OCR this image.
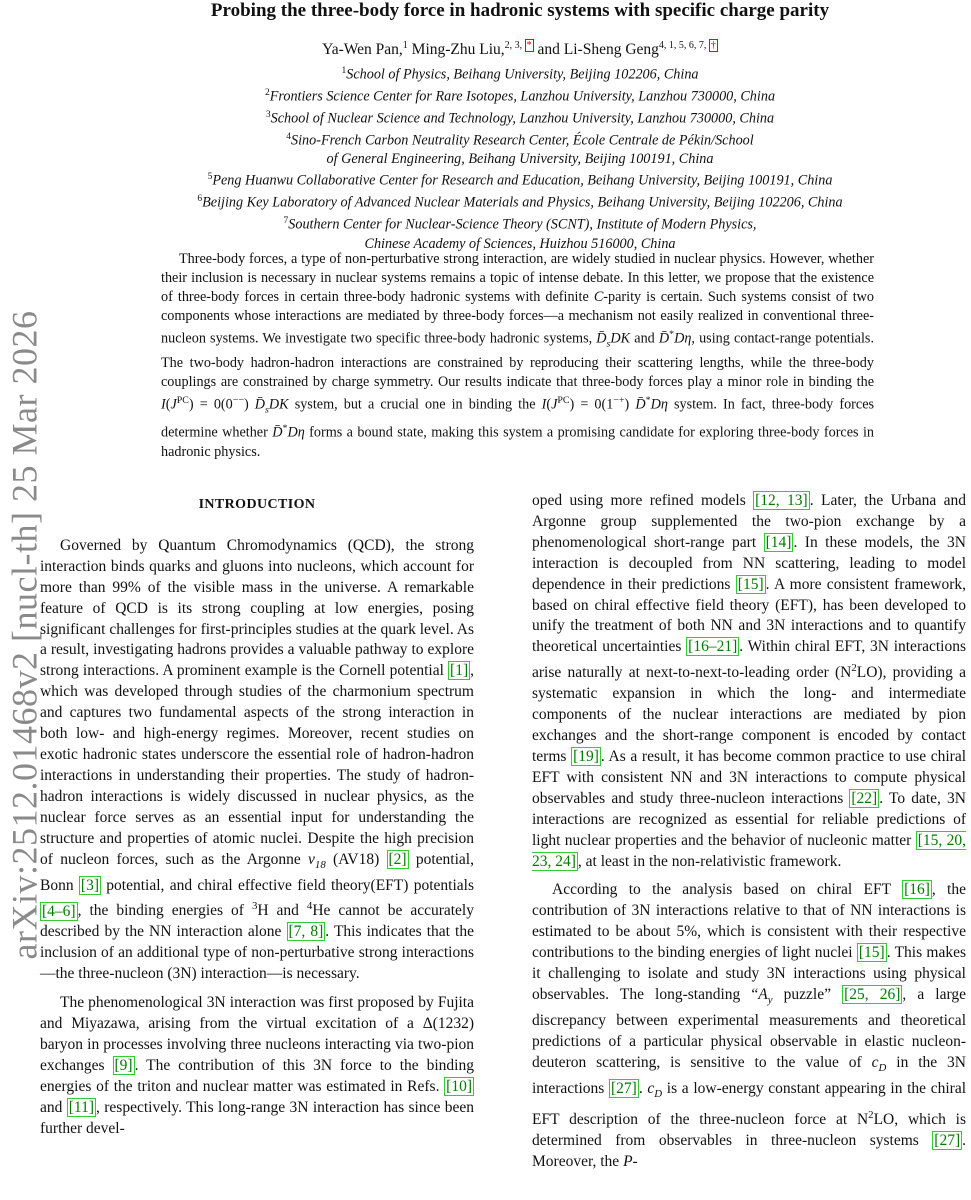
arXiv:2512.01468v2 [nucl-th] 25 Mar 2026
Probing the three-body force in hadronic systems with specific charge parity
Ya-Wen Pan,$^1$ Ming-Zhu Liu,$^{2, 3,}$ * and Li-Sheng Geng$^{4, 1, 5, 6, 7,}$ †
$^1$School of Physics, Beihang University, Beijing 102206, China
$^2$Frontiers Science Center for Rare Isotopes, Lanzhou University, Lanzhou 730000, China
$^3$School of Nuclear Science and Technology, Lanzhou University, Lanzhou 730000, China
$^4$Sino-French Carbon Neutrality Research Center, École Centrale de Pékin/School
of General Engineering, Beihang University, Beijing 100191, China
$^5$Peng Huanwu Collaborative Center for Research and Education, Beihang University, Beijing 100191, China
$^6$Beijing Key Laboratory of Advanced Nuclear Materials and Physics, Beihang University, Beijing 102206, China
$^7$Southern Center for Nuclear-Science Theory (SCNT), Institute of Modern Physics,
Chinese Academy of Sciences, Huizhou 516000, China
Three-body forces, a type of non-perturbative strong interaction, are widely studied in nuclear physics. However, whether their inclusion is necessary in nuclear systems remains a topic of intense debate. In this letter, we propose that the existence of three-body forces in certain three-body hadronic systems with definite C-parity is certain. Such systems consist of two components whose interactions are mediated by three-body forces—a mechanism not easily realized in conventional three-nucleon systems. We investigate two specific three-body hadronic systems, $D̄_sDK$ and D̄*Dη, using contact-range potentials. The two-body hadron-hadron interactions are constrained by reproducing their scattering lengths, while the three-body couplings are constrained by charge symmetry. Our results indicate that three-body forces play a minor role in binding the $I(J^{PC}) = 0(0^{--})$ $D̄_sDK$ system, but a crucial one in binding the $I(J^{PC}) = 0(1^{-+})$ D̄*Dη system. In fact, three-body forces determine whether D̄*Dη forms a bound state, making this system a promising candidate for exploring three-body forces in hadronic physics.
INTRODUCTION

Governed by Quantum Chromodynamics (QCD), the strong interaction binds quarks and gluons into nucleons, which account for more than 99% of the visible mass in the universe. A remarkable feature of QCD is its strong coupling at low energies, posing significant challenges for first-principles studies at the quark level. As a result, investigating hadrons provides a valuable pathway to explore strong interactions. A prominent example is the Cornell potential [1] , which was developed through studies of the charmonium spectrum and captures two fundamental aspects of the strong interaction in both low- and high-energy regimes. Moreover, recent studies on exotic hadronic states underscore the essential role of hadron-hadron interactions in understanding their properties. The study of hadron-hadron interactions is widely discussed in nuclear physics, as the nuclear force serves as an essential input for understanding the structure and properties of atomic nuclei. Despite the high precision of nucleon forces, such as the Argonne $v_{18}$ (AV18) [2] potential, Bonn [3] potential, and chiral effective field theory(EFT) potentials [4–6] , the binding energies of $^3$H and $^4$He cannot be accurately described by the NN interaction alone [7, 8] . This indicates that the inclusion of an additional type of non-perturbative strong interactions—the three-nucleon (3N) interaction—is necessary.

The phenomenological 3N interaction was first proposed by Fujita and Miyazawa, arising from the virtual excitation of a Δ(1232) baryon in processes involving three nucleons interacting via two-pion exchanges [9] . The contribution of this 3N force to the binding energies of the triton and nuclear matter was estimated in Refs. [10] and [11] , respectively. This long-range 3N interaction has since been further devel-

oped using more refined models [12, 13] . Later, the Urbana and Argonne group supplemented the two-pion exchange by a phenomenological short-range part [14] . In these models, the 3N interaction is decoupled from NN scattering, leading to model dependence in their predictions [15] . A more consistent framework, based on chiral effective field theory (EFT), has been developed to unify the treatment of both NN and 3N interactions and to quantify theoretical uncertainties [16–21] . Within chiral EFT, 3N interactions arise naturally at next-to-next-to-leading order $(N^2LO)$, providing a systematic expansion in which the long- and intermediate components of the nuclear interactions are mediated by pion exchanges and the short-range component is encoded by contact terms [19] . As a result, it has become common practice to use chiral EFT with consistent NN and 3N interactions to compute physical observables and study three-nucleon interactions [22] . To date, 3N interactions are recognized as essential for reliable predictions of light nuclear properties and the behavior of nucleonic matter [15, 20, 23, 24] , at least in the non-relativistic framework.

According to the analysis based on chiral EFT [16] , the contribution of 3N interactions relative to that of NN interactions is estimated to be about 5%, which is consistent with their respective contributions to the binding energies of light nuclei [15] . This makes it challenging to isolate and study 3N interactions using physical observables. The long-standing “$A_y$ puzzle” [25, 26] , a large discrepancy between experimental measurements and theoretical predictions of a particular physical observable in elastic nucleon-deuteron scattering, is sensitive to the value of $c_D$ in the 3N interactions [27] . $c_D$ is a low-energy constant appearing in the chiral EFT description of the three-nucleon force at $N^2LO$, which is determined from observables in three-nucleon systems [27] . Moreover, the P-
